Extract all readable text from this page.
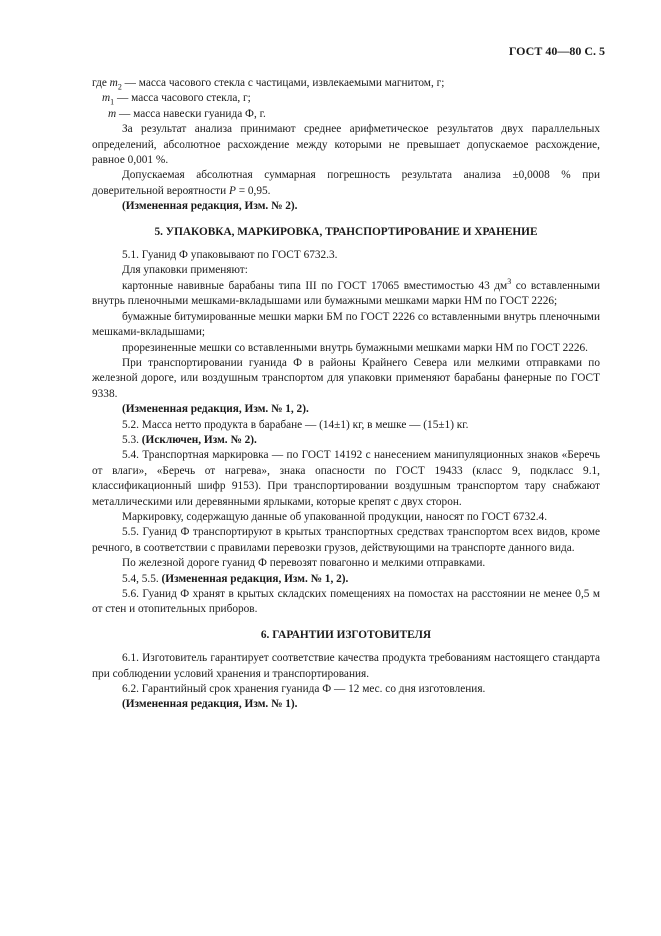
ГОСТ 40—80 С. 5

где $m_2$ — масса часового стекла с частицами, извлекаемыми магнитом, г;

$m_1$ — масса часового стекла, г;

m — масса навески гуанида Ф, г.

За результат анализа принимают среднее арифметическое результатов двух параллельных определений, абсолютное расхождение между которыми не превышает допускаемое расхождение, равное 0,001 %.

Допускаемая абсолютная суммарная погрешность результата анализа ±0,0008 % при доверительной вероятности P = 0,95.

(Измененная редакция, Изм. № 2).

5. УПАКОВКА, МАРКИРОВКА, ТРАНСПОРТИРОВАНИЕ И ХРАНЕНИЕ

5.1. Гуанид Ф упаковывают по ГОСТ 6732.3.

Для упаковки применяют:

картонные навивные барабаны типа III по ГОСТ 17065 вместимостью 43 $дм^3$ со вставленными внутрь пленочными мешками-вкладышами или бумажными мешками марки НМ по ГОСТ 2226;

бумажные битумированные мешки марки БМ по ГОСТ 2226 со вставленными внутрь пленочными мешками-вкладышами;

прорезиненные мешки со вставленными внутрь бумажными мешками марки НМ по ГОСТ 2226.

При транспортировании гуанида Ф в районы Крайнего Севера или мелкими отправками по железной дороге, или воздушным транспортом для упаковки применяют барабаны фанерные по ГОСТ 9338.

(Измененная редакция, Изм. № 1, 2).

5.2. Масса нетто продукта в барабане — (14±1) кг, в мешке — (15±1) кг.

5.3. (Исключен, Изм. № 2).

5.4. Транспортная маркировка — по ГОСТ 14192 с нанесением манипуляционных знаков «Беречь от влаги», «Беречь от нагрева», знака опасности по ГОСТ 19433 (класс 9, подкласс 9.1, классификационный шифр 9153). При транспортировании воздушным транспортом тару снабжают металлическими или деревянными ярлыками, которые крепят с двух сторон.

Маркировку, содержащую данные об упакованной продукции, наносят по ГОСТ 6732.4.

5.5. Гуанид Ф транспортируют в крытых транспортных средствах транспортом всех видов, кроме речного, в соответствии с правилами перевозки грузов, действующими на транспорте данного вида.

По железной дороге гуанид Ф перевозят повагонно и мелкими отправками.

5.4, 5.5. (Измененная редакция, Изм. № 1, 2).

5.6. Гуанид Ф хранят в крытых складских помещениях на помостах на расстоянии не менее 0,5 м от стен и отопительных приборов.

6. ГАРАНТИИ ИЗГОТОВИТЕЛЯ

6.1. Изготовитель гарантирует соответствие качества продукта требованиям настоящего стандарта при соблюдении условий хранения и транспортирования.

6.2. Гарантийный срок хранения гуанида Ф — 12 мес. со дня изготовления.

(Измененная редакция, Изм. № 1).
